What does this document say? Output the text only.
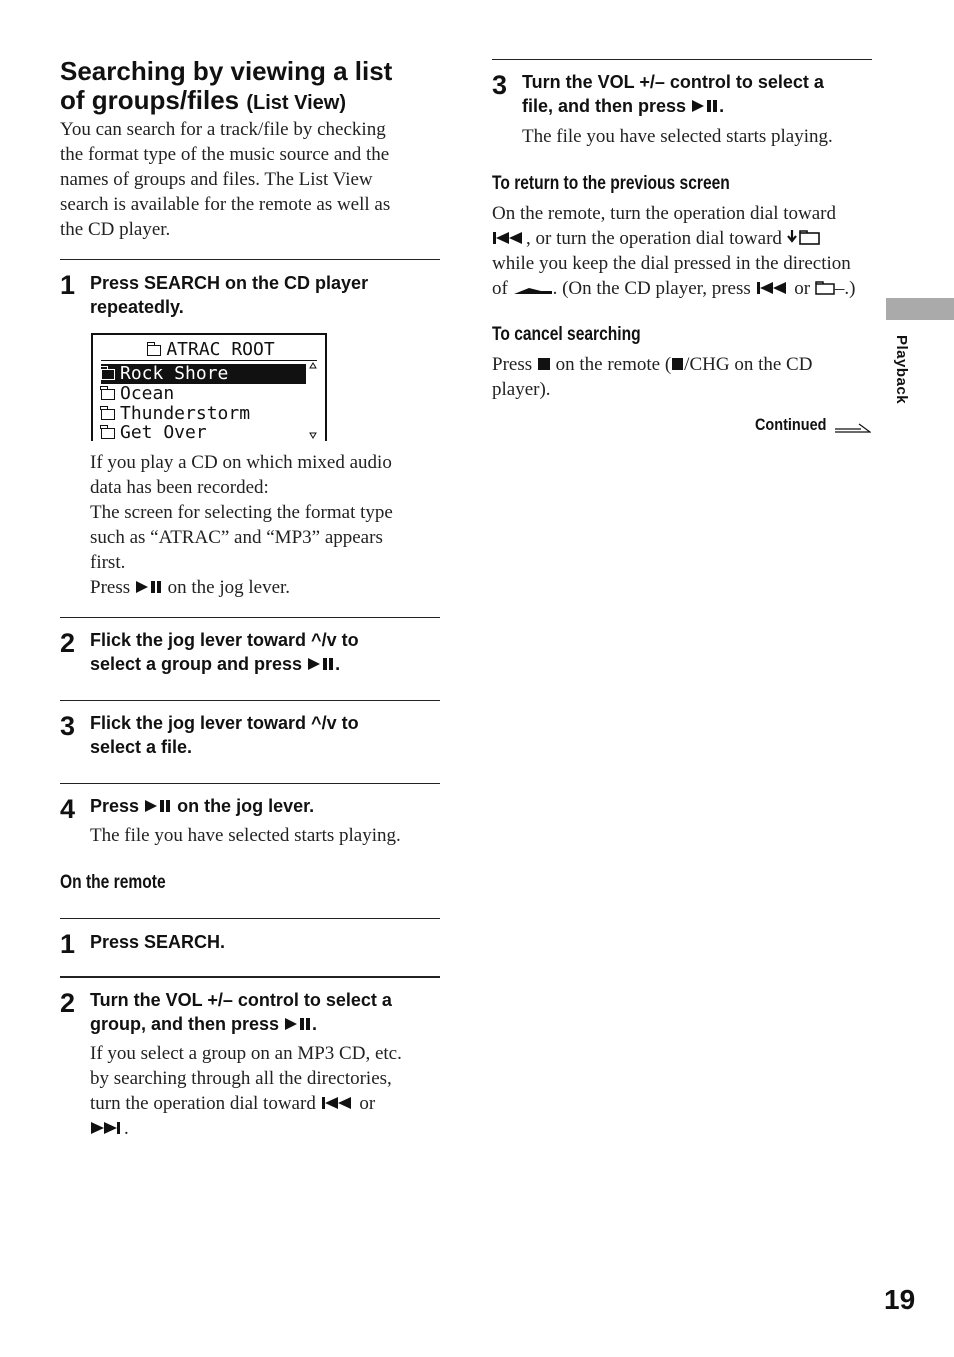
Searching by viewing a list
of groups/files (List View)
You can search for a track/file by checking
the format type of the music source and the
names of groups and files. The List View
search is available for the remote as well as
the CD player.
1 Press SEARCH on the CD player
repeatedly.
ATRAC ROOT
Rock Shore
Ocean
Thunderstorm
Get Over
If you play a CD on which mixed audio
data has been recorded:
The screen for selecting the format type
such as “ATRAC” and “MP3” appears
first.
Press on the jog lever.
2 Flick the jog lever toward ^/v to
select a group and press .
3 Flick the jog lever toward ^/v to
select a file.
4 Press on the jog lever.
The file you have selected starts playing.
On the remote
1 Press SEARCH.
2 Turn the VOL +/– control to select a
group, and then press .
If you select a group on an MP3 CD, etc.
by searching through all the directories,
turn the operation dial toward or
.
3 Turn the VOL +/– control to select a
file, and then press .
The file you have selected starts playing.
To return to the previous screen
On the remote, turn the operation dial toward
, or turn the operation dial toward
while you keep the dial pressed in the direction
of . (On the CD player, press or –.)
To cancel searching
Press on the remote ( /CHG on the CD
player).
Continued
Playback
19
